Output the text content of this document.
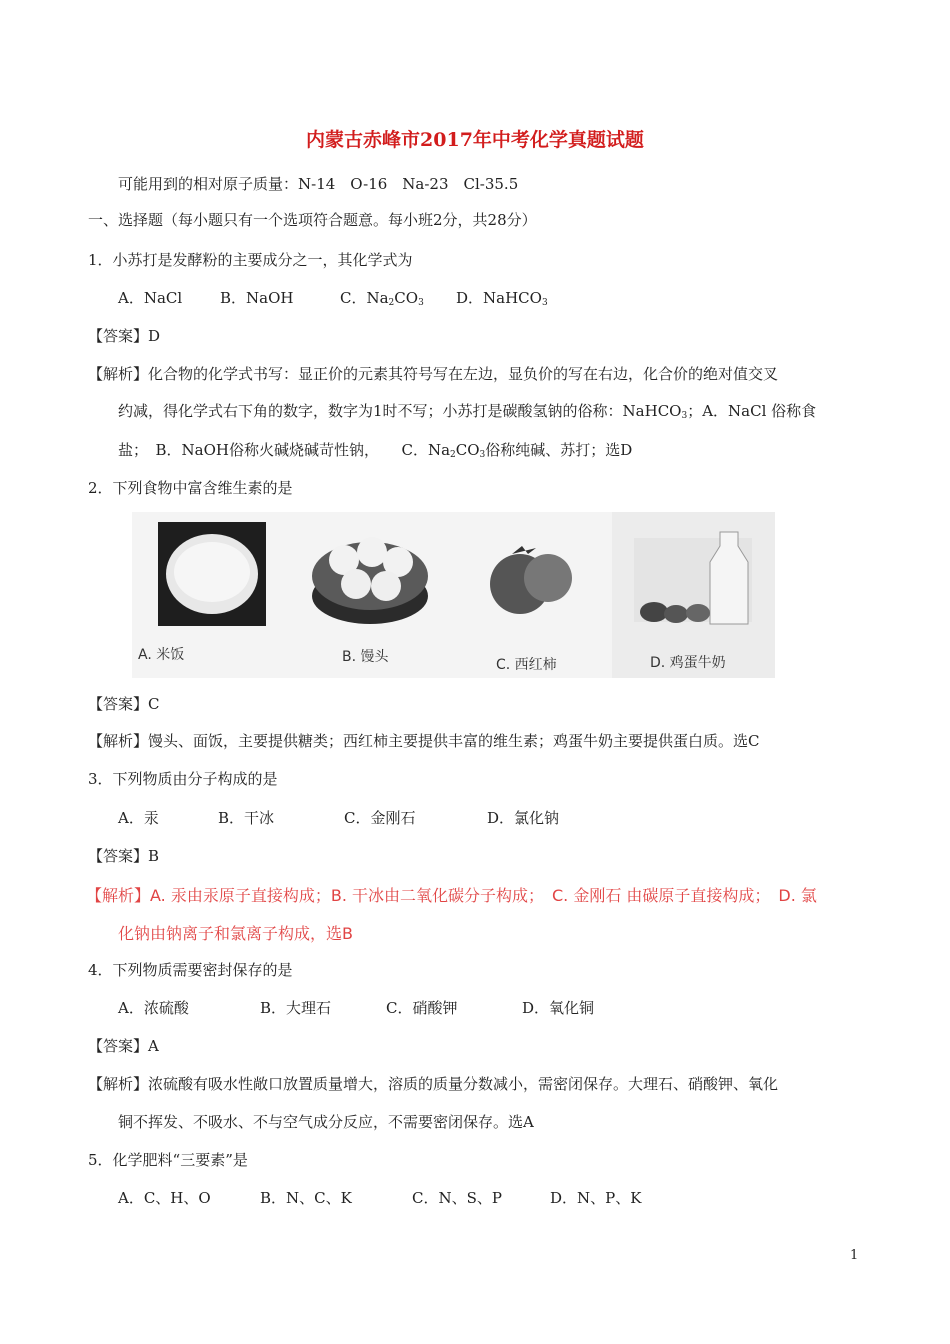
内蒙古赤峰市2017年中考化学真题试题
可能用到的相对原子质量：N-14　O-16　Na-23　Cl-35.5
一、选择题（每小题只有一个选项符合题意。每小班2分，共28分）
1．小苏打是发酵粉的主要成分之一，其化学式为
A．NaCl	B．NaOH	C．$Na_2CO_3$ D．NaHCO$_3$
【答案】D
【解析】化合物的化学式书写：显正价的元素其符号写在左边，显负价的写在右边，化合价的绝对值交叉
约减，得化学式右下角的数字，数字为1时不写；小苏打是碳酸氢钠的俗称：NaHCO$_3$；A．NaCl 俗称食
盐；　B．NaOH俗称火碱烧碱苛性钠，　　C．$Na_2CO_3$俗称纯碱、苏打；选D
2．下列食物中富含维生素的是
A. 米饭	B. 馒头	C. 西红柿	D. 鸡蛋牛奶
【答案】C
【解析】馒头、面饭，主要提供糖类；西红柿主要提供丰富的维生素；鸡蛋牛奶主要提供蛋白质。选C
3．下列物质由分子构成的是
A．汞	B．干冰	C．金刚石	D．氯化钠
【答案】B
【解析】A. 汞由汞原子直接构成；B. 干冰由二氧化碳分子构成；　C. 金刚石 由碳原子直接构成；　D. 氯
化钠由钠离子和氯离子构成，选B
4．下列物质需要密封保存的是
A．浓硫酸	B．大理石	C．硝酸钾	D．氧化铜
【答案】A
【解析】浓硫酸有吸水性敞口放置质量增大，溶质的质量分数减小，需密闭保存。大理石、硝酸钾、氧化
铜不挥发、不吸水、不与空气成分反应，不需要密闭保存。选A
5．化学肥料“三要素”是
A．C、H、O	B．N、C、K	C．N、S、P	D．N、P、K
1
